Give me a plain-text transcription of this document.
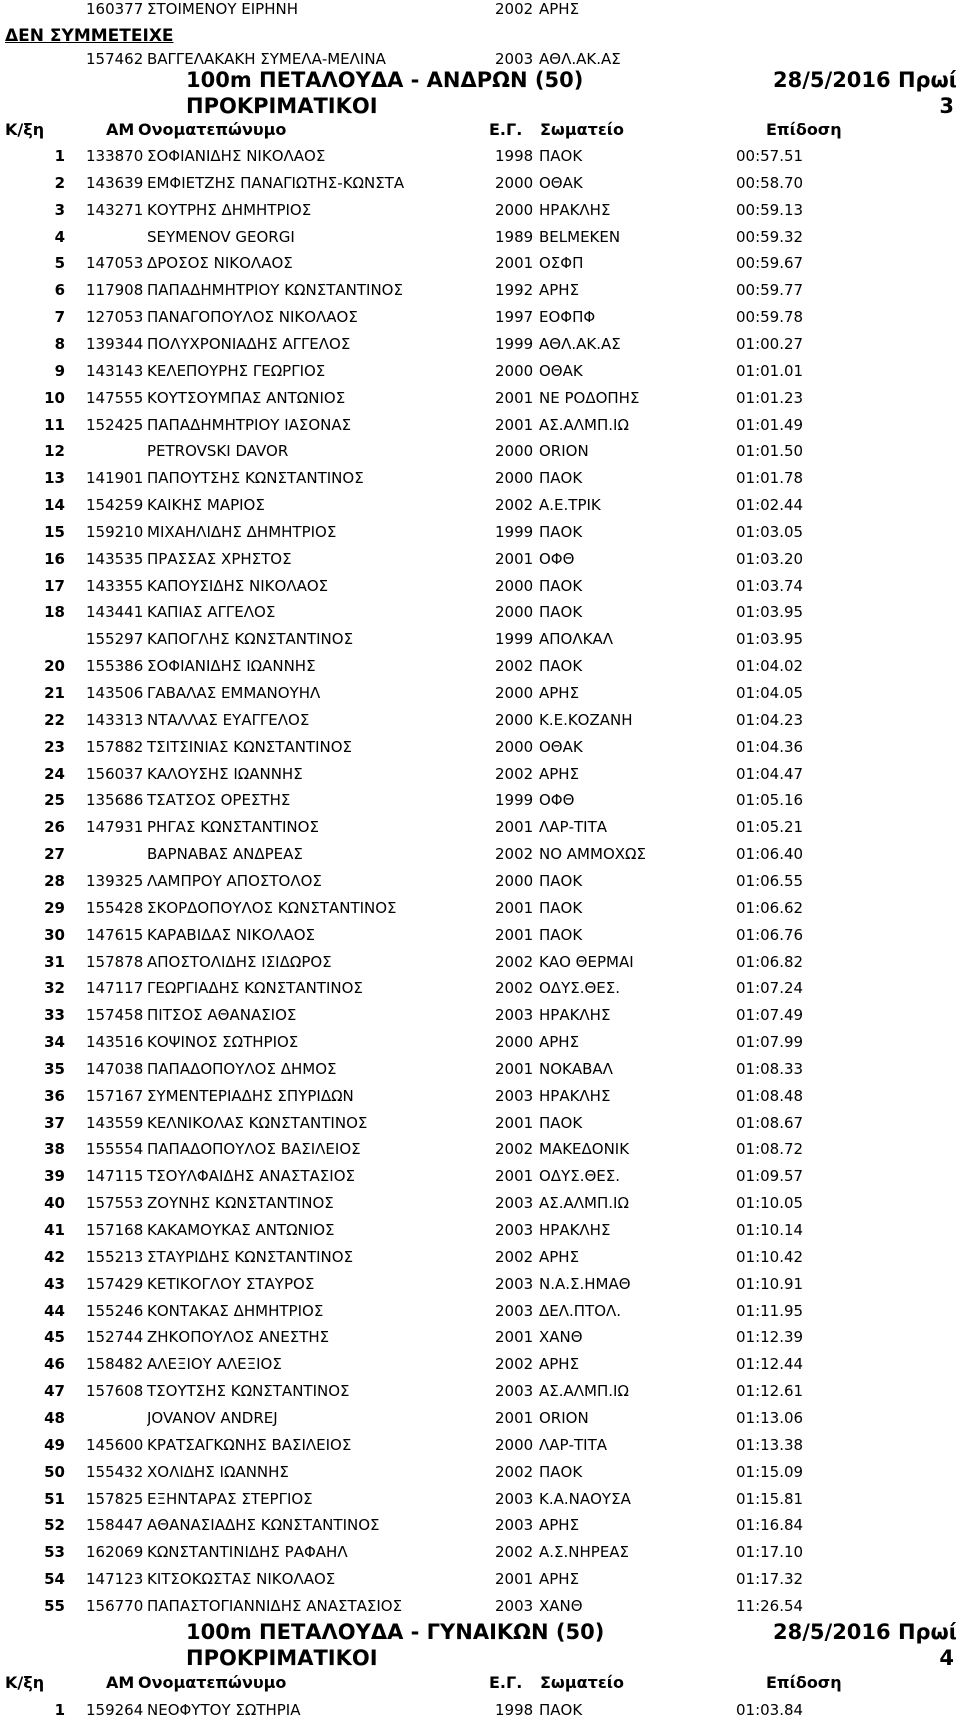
160377 ΣΤΟΙΜΕΝΟΥ ΕΙΡΗΝΗ	2002 ΑΡΗΣ
ΔΕΝ ΣΥΜΜΕΤΕΙΧΕ
157462 ΒΑΓΓΕΛΑΚΑΚΗ ΣΥΜΕΛΑ-ΜΕΛΙΝΑ	2003 ΑΘΛ.ΑΚ.ΑΣ
100m ΠΕΤΑΛΟΥΔΑ - ΑΝΔΡΩΝ (50)	28/5/2016 Πρωί
ΠΡΟΚΡΙΜΑΤΙΚΟΙ	3
Κ/ξη	ΑΜ Ονοματεπώνυμο	Ε.Γ. Σωματείο	Επίδοση
1 133870 ΣΟΦΙΑΝΙΔΗΣ ΝΙΚΟΛΑΟΣ	1998 ΠΑΟΚ	00:57.51
2 143639 ΕΜΦΙΕΤΖΗΣ ΠΑΝΑΓΙΩΤΗΣ-ΚΩΝΣΤΑ	2000 ΟΘΑΚ	00:58.70
3 143271 ΚΟΥΤΡΗΣ ΔΗΜΗΤΡΙΟΣ	2000 ΗΡΑΚΛΗΣ	00:59.13
4	SEYMENOV GEORGI	1989 BELMEKEN	00:59.32
5 147053 ΔΡΟΣΟΣ ΝΙΚΟΛΑΟΣ	2001 ΟΣΦΠ	00:59.67
6 117908 ΠΑΠΑΔΗΜΗΤΡΙΟΥ ΚΩΝΣΤΑΝΤΙΝΟΣ	1992 ΑΡΗΣ	00:59.77
7 127053 ΠΑΝΑΓΟΠΟΥΛΟΣ ΝΙΚΟΛΑΟΣ	1997 ΕΟΦΠΦ	00:59.78
8 139344 ΠΟΛΥΧΡΟΝΙΑΔΗΣ ΑΓΓΕΛΟΣ	1999 ΑΘΛ.ΑΚ.ΑΣ	01:00.27
9 143143 ΚΕΛΕΠΟΥΡΗΣ ΓΕΩΡΓΙΟΣ	2000 ΟΘΑΚ	01:01.01
10 147555 ΚΟΥΤΣΟΥΜΠΑΣ ΑΝΤΩΝΙΟΣ	2001 ΝΕ ΡΟΔΟΠΗΣ	01:01.23
11 152425 ΠΑΠΑΔΗΜΗΤΡΙΟΥ ΙΑΣΟΝΑΣ	2001 ΑΣ.ΑΛΜΠ.ΙΩ	01:01.49
12	PETROVSKI DAVOR	2000 ORION	01:01.50
13 141901 ΠΑΠΟΥΤΣΗΣ ΚΩΝΣΤΑΝΤΙΝΟΣ	2000 ΠΑΟΚ	01:01.78
14 154259 ΚΑΙΚΗΣ ΜΑΡΙΟΣ	2002 Α.Ε.ΤΡΙΚ	01:02.44
15 159210 ΜΙΧΑΗΛΙΔΗΣ ΔΗΜΗΤΡΙΟΣ	1999 ΠΑΟΚ	01:03.05
16 143535 ΠΡΑΣΣΑΣ ΧΡΗΣΤΟΣ	2001 ΟΦΘ	01:03.20
17 143355 ΚΑΠΟΥΣΙΔΗΣ ΝΙΚΟΛΑΟΣ	2000 ΠΑΟΚ	01:03.74
18 143441 ΚΑΠΙΑΣ ΑΓΓΕΛΟΣ	2000 ΠΑΟΚ	01:03.95
155297 ΚΑΠΟΓΛΗΣ ΚΩΝΣΤΑΝΤΙΝΟΣ	1999 ΑΠΟΛΚΑΛ	01:03.95
20 155386 ΣΟΦΙΑΝΙΔΗΣ ΙΩΑΝΝΗΣ	2002 ΠΑΟΚ	01:04.02
21 143506 ΓΑΒΑΛΑΣ ΕΜΜΑΝΟΥΗΛ	2000 ΑΡΗΣ	01:04.05
22 143313 ΝΤΑΛΛΑΣ ΕΥΑΓΓΕΛΟΣ	2000 Κ.Ε.ΚΟΖΑΝΗ	01:04.23
23 157882 ΤΣΙΤΣΙΝΙΑΣ ΚΩΝΣΤΑΝΤΙΝΟΣ	2000 ΟΘΑΚ	01:04.36
24 156037 ΚΑΛΟΥΣΗΣ ΙΩΑΝΝΗΣ	2002 ΑΡΗΣ	01:04.47
25 135686 ΤΣΑΤΣΟΣ ΟΡΕΣΤΗΣ	1999 ΟΦΘ	01:05.16
26 147931 ΡΗΓΑΣ ΚΩΝΣΤΑΝΤΙΝΟΣ	2001 ΛΑΡ-ΤΙΤΑ	01:05.21
27	ΒΑΡΝΑΒΑΣ ΑΝΔΡΕΑΣ	2002 ΝΟ ΑΜΜΟΧΩΣ	01:06.40
28 139325 ΛΑΜΠΡΟΥ ΑΠΟΣΤΟΛΟΣ	2000 ΠΑΟΚ	01:06.55
29 155428 ΣΚΟΡΔΟΠΟΥΛΟΣ ΚΩΝΣΤΑΝΤΙΝΟΣ	2001 ΠΑΟΚ	01:06.62
30 147615 ΚΑΡΑΒΙΔΑΣ ΝΙΚΟΛΑΟΣ	2001 ΠΑΟΚ	01:06.76
31 157878 ΑΠΟΣΤΟΛΙΔΗΣ ΙΣΙΔΩΡΟΣ	2002 ΚΑΟ ΘΕΡΜΑΙ	01:06.82
32 147117 ΓΕΩΡΓΙΑΔΗΣ ΚΩΝΣΤΑΝΤΙΝΟΣ	2002 ΟΔΥΣ.ΘΕΣ.	01:07.24
33 157458 ΠΙΤΣΟΣ ΑΘΑΝΑΣΙΟΣ	2003 ΗΡΑΚΛΗΣ	01:07.49
34 143516 ΚΟΨΙΝΟΣ ΣΩΤΗΡΙΟΣ	2000 ΑΡΗΣ	01:07.99
35 147038 ΠΑΠΑΔΟΠΟΥΛΟΣ ΔΗΜΟΣ	2001 ΝΟΚΑΒΑΛ	01:08.33
36 157167 ΣΥΜΕΝΤΕΡΙΑΔΗΣ ΣΠΥΡΙΔΩΝ	2003 ΗΡΑΚΛΗΣ	01:08.48
37 143559 ΚΕΛΝΙΚΟΛΑΣ ΚΩΝΣΤΑΝΤΙΝΟΣ	2001 ΠΑΟΚ	01:08.67
38 155554 ΠΑΠΑΔΟΠΟΥΛΟΣ ΒΑΣΙΛΕΙΟΣ	2002 ΜΑΚΕΔΟΝΙΚ	01:08.72
39 147115 ΤΣΟΥΛΦΑΙΔΗΣ ΑΝΑΣΤΑΣΙΟΣ	2001 ΟΔΥΣ.ΘΕΣ.	01:09.57
40 157553 ΖΟΥΝΗΣ ΚΩΝΣΤΑΝΤΙΝΟΣ	2003 ΑΣ.ΑΛΜΠ.ΙΩ	01:10.05
41 157168 ΚΑΚΑΜΟΥΚΑΣ ΑΝΤΩΝΙΟΣ	2003 ΗΡΑΚΛΗΣ	01:10.14
42 155213 ΣΤΑΥΡΙΔΗΣ ΚΩΝΣΤΑΝΤΙΝΟΣ	2002 ΑΡΗΣ	01:10.42
43 157429 ΚΕΤΙΚΟΓΛΟΥ ΣΤΑΥΡΟΣ	2003 Ν.Α.Σ.ΗΜΑΘ	01:10.91
44 155246 ΚΟΝΤΑΚΑΣ ΔΗΜΗΤΡΙΟΣ	2003 ΔΕΛ.ΠΤΟΛ.	01:11.95
45 152744 ΖΗΚΟΠΟΥΛΟΣ ΑΝΕΣΤΗΣ	2001 ΧΑΝΘ	01:12.39
46 158482 ΑΛΕΞΙΟΥ ΑΛΕΞΙΟΣ	2002 ΑΡΗΣ	01:12.44
47 157608 ΤΣΟΥΤΣΗΣ ΚΩΝΣΤΑΝΤΙΝΟΣ	2003 ΑΣ.ΑΛΜΠ.ΙΩ	01:12.61
48	JOVANOV ANDREJ	2001 ORION	01:13.06
49 145600 ΚΡΑΤΣΑΓΚΩΝΗΣ ΒΑΣΙΛΕΙΟΣ	2000 ΛΑΡ-ΤΙΤΑ	01:13.38
50 155432 ΧΟΛΙΔΗΣ ΙΩΑΝΝΗΣ	2002 ΠΑΟΚ	01:15.09
51 157825 ΕΞΗΝΤΑΡΑΣ ΣΤΕΡΓΙΟΣ	2003 Κ.Α.ΝΑΟΥΣΑ	01:15.81
52 158447 ΑΘΑΝΑΣΙΑΔΗΣ ΚΩΝΣΤΑΝΤΙΝΟΣ	2003 ΑΡΗΣ	01:16.84
53 162069 ΚΩΝΣΤΑΝΤΙΝΙΔΗΣ ΡΑΦΑΗΛ	2002 Α.Σ.ΝΗΡΕΑΣ	01:17.10
54 147123 ΚΙΤΣΟΚΩΣΤΑΣ ΝΙΚΟΛΑΟΣ	2001 ΑΡΗΣ	01:17.32
55 156770 ΠΑΠΑΣΤΟΓΙΑΝΝΙΔΗΣ ΑΝΑΣΤΑΣΙΟΣ	2003 ΧΑΝΘ	11:26.54
100m ΠΕΤΑΛΟΥΔΑ - ΓΥΝΑΙΚΩΝ (50)	28/5/2016 Πρωί
ΠΡΟΚΡΙΜΑΤΙΚΟΙ	4
Κ/ξη	ΑΜ Ονοματεπώνυμο	Ε.Γ. Σωματείο	Επίδοση
1 159264 ΝΕΟΦΥΤΟΥ ΣΩΤΗΡΙΑ	1998 ΠΑΟΚ	01:03.84
